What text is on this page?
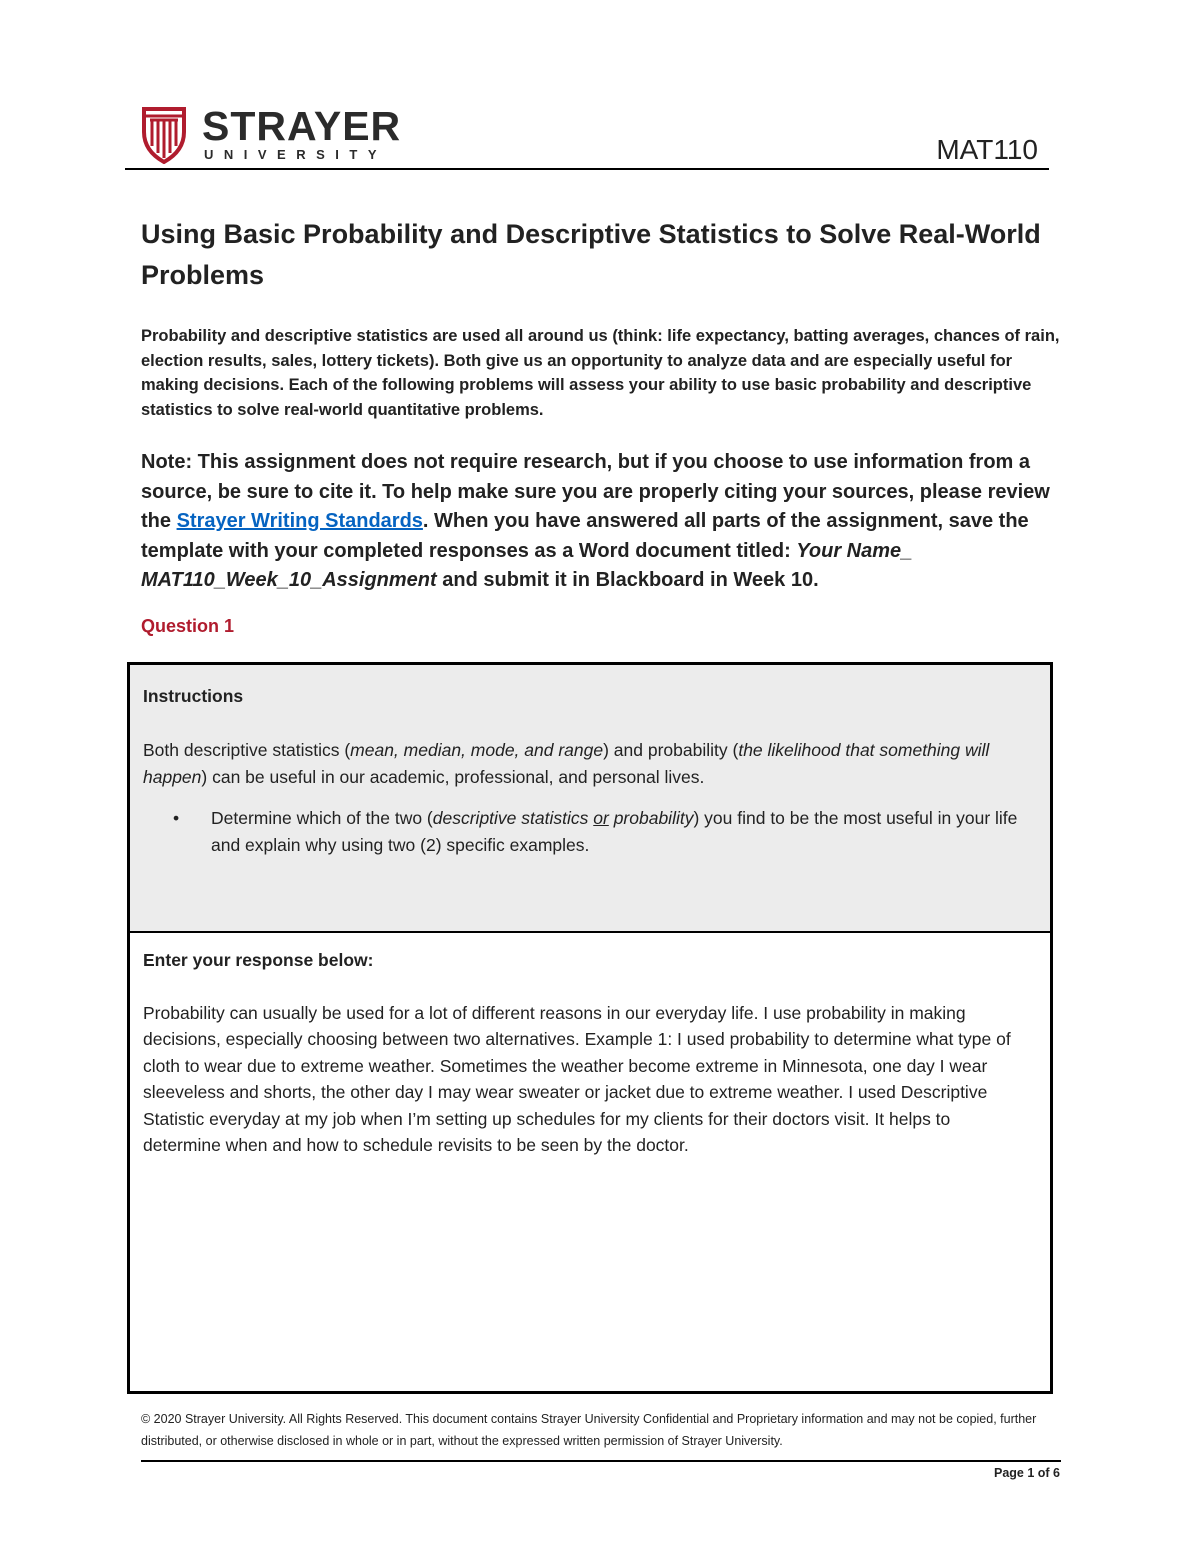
STRAYER
UNIVERSITY	MAT110
Using Basic Probability and Descriptive Statistics to Solve Real-World Problems
Probability and descriptive statistics are used all around us (think: life expectancy, batting averages, chances of rain, election results, sales, lottery tickets). Both give us an opportunity to analyze data and are especially useful for making decisions. Each of the following problems will assess your ability to use basic probability and descriptive statistics to solve real-world quantitative problems.
Note: This assignment does not require research, but if you choose to use information from a source, be sure to cite it. To help make sure you are properly citing your sources, please review the Strayer Writing Standards. When you have answered all parts of the assignment, save the template with your completed responses as a Word document titled: Your Name_ MAT110_Week_10_Assignment and submit it in Blackboard in Week 10.
Question 1
Instructions
Both descriptive statistics (mean, median, mode, and range) and probability (the likelihood that something will happen) can be useful in our academic, professional, and personal lives.
• Determine which of the two (descriptive statistics or probability) you find to be the most useful in your life and explain why using two (2) specific examples.
Enter your response below:
Probability can usually be used for a lot of different reasons in our everyday life. I use probability in making decisions, especially choosing between two alternatives. Example 1: I used probability to determine what type of cloth to wear due to extreme weather. Sometimes the weather become extreme in Minnesota, one day I wear sleeveless and shorts, the other day I may wear sweater or jacket due to extreme weather. I used Descriptive Statistic everyday at my job when I’m setting up schedules for my clients for their doctors visit. It helps to determine when and how to schedule revisits to be seen by the doctor.
© 2020 Strayer University. All Rights Reserved. This document contains Strayer University Confidential and Proprietary information and may not be copied, further distributed, or otherwise disclosed in whole or in part, without the expressed written permission of Strayer University.
Page 1 of 6
